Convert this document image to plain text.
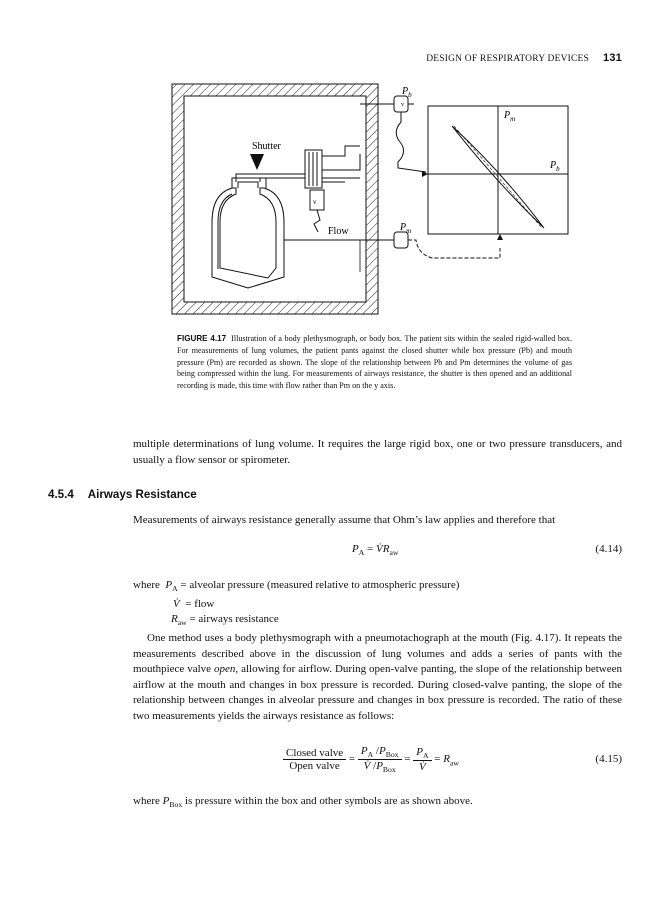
DESIGN OF RESPIRATORY DEVICES 131
Shutter
Flow
v
$P_b$
v
$P_m$
$P_m$
$P_b$
FIGURE 4.17 Illustration of a body plethysmograph, or body box. The patient sits within the sealed rigid-walled box. For measurements of lung volumes, the patient pants against the closed shutter while box pressure (Pb) and mouth pressure (Pm) are recorded as shown. The slope of the relationship between Pb and Pm determines the volume of gas being compressed within the lung. For measurements of airways resistance, the shutter is then opened and an additional recording is made, this time with flow rather than Pm on the y axis.
multiple determinations of lung volume. It requires the large rigid box, one or two pressure transducers, and usually a flow sensor or spirometer.
4.5.4 Airways Resistance
Measurements of airways resistance generally assume that Ohm’s law applies and therefore that
$P_A$ = $V̇R_{aw}$	(4.14)
where  $P_A$ = alveolar pressure (measured relative to atmospheric pressure)
V̇ = flow
$R_{aw}$ = airways resistance
One method uses a body plethysmograph with a pneumotachograph at the mouth (Fig. 4.17). It repeats the measurements described above in the discussion of lung volumes and adds a series of pants with the mouthpiece valve open, allowing for airflow. During open-valve panting, the slope of the relationship between airflow at the mouth and changes in box pressure is recorded. During closed-valve panting, the slope of the relationship between changes in alveolar pressure and changes in box pressure is recorded. The ratio of these two measurements yields the airways resistance as follows:
$\frac{\text{Closed valve}}{\text{Open valve}} = \frac{P_A /P_{Box}}{V̇ /P_{Box}} = \frac{P_A}{V̇} = R_{aw}$	(4.15)
where $P_{Box}$ is pressure within the box and other symbols are as shown above.
